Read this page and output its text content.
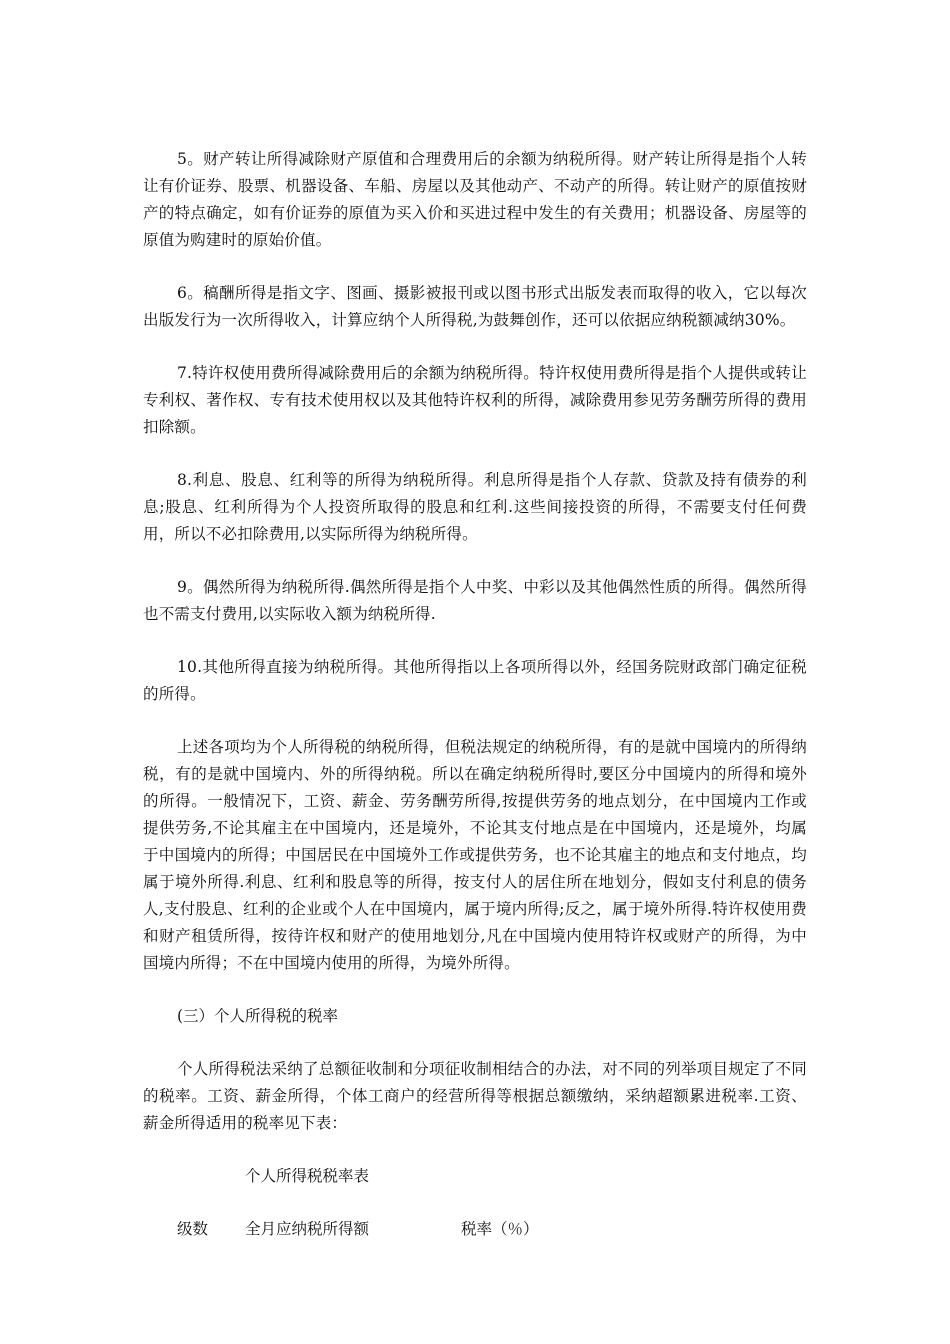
5。财产转让所得减除财产原值和合理费用后的余额为纳税所得。财产转让所得是指个人转让有价证券、股票、机器设备、车船、房屋以及其他动产、不动产的所得。转让财产的原值按财产的特点确定，如有价证券的原值为买入价和买进过程中发生的有关费用；机器设备、房屋等的原值为购建时的原始价值。

6。稿酬所得是指文字、图画、摄影被报刊或以图书形式出版发表而取得的收入，它以每次出版发行为一次所得收入，计算应纳个人所得税,为鼓舞创作，还可以依据应纳税额减纳30%。

7.特许权使用费所得减除费用后的余额为纳税所得。特许权使用费所得是指个人提供或转让专利权、著作权、专有技术使用权以及其他特许权利的所得，减除费用参见劳务酬劳所得的费用扣除额。

8.利息、股息、红利等的所得为纳税所得。利息所得是指个人存款、贷款及持有债券的利息;股息、红利所得为个人投资所取得的股息和红利.这些间接投资的所得，不需要支付任何费用，所以不必扣除费用,以实际所得为纳税所得。

9。偶然所得为纳税所得.偶然所得是指个人中奖、中彩以及其他偶然性质的所得。偶然所得也不需支付费用,以实际收入额为纳税所得.

10.其他所得直接为纳税所得。其他所得指以上各项所得以外，经国务院财政部门确定征税的所得。

上述各项均为个人所得税的纳税所得，但税法规定的纳税所得，有的是就中国境内的所得纳税，有的是就中国境内、外的所得纳税。所以在确定纳税所得时,要区分中国境内的所得和境外的所得。一般情况下，工资、薪金、劳务酬劳所得,按提供劳务的地点划分，在中国境内工作或提供劳务,不论其雇主在中国境内，还是境外，不论其支付地点是在中国境内，还是境外，均属于中国境内的所得；中国居民在中国境外工作或提供劳务，也不论其雇主的地点和支付地点，均属于境外所得.利息、红利和股息等的所得，按支付人的居住所在地划分，假如支付利息的债务人,支付股息、红利的企业或个人在中国境内，属于境内所得;反之，属于境外所得.特许权使用费和财产租赁所得，按待许权和财产的使用地划分,凡在中国境内使用特许权或财产的所得，为中国境内所得；不在中国境内使用的所得，为境外所得。

(三）个人所得税的税率

个人所得税法采纳了总额征收制和分项征收制相结合的办法，对不同的列举项目规定了不同的税率。工资、薪金所得，个体工商户的经营所得等根据总额缴纳，采纳超额累进税率.工资、薪金所得适用的税率见下表：

个人所得税税率表

级数	全月应纳税所得额	税率（％）
